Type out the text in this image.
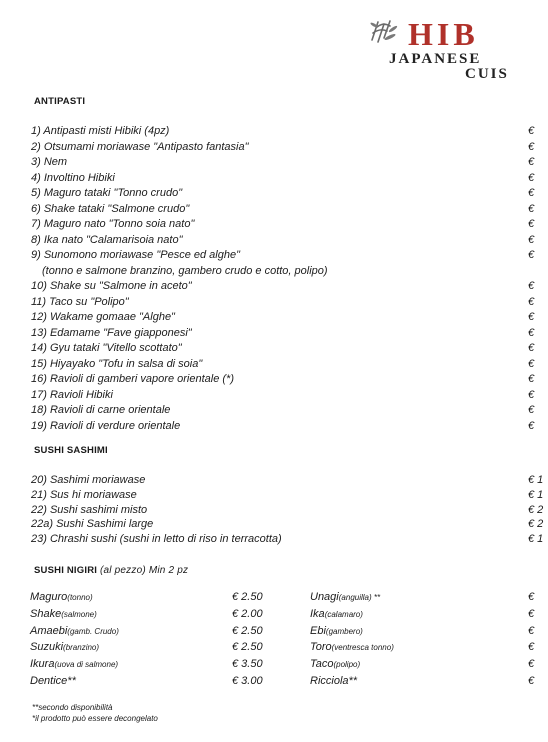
HIB
JAPANESE
CUIS
ANTIPASTI
1) Antipasti misti Hibiki (4pz)	€
2) Otsumami moriawase "Antipasto fantasia"	€
3) Nem	€
4) Involtino Hibiki	€
5) Maguro tataki "Tonno crudo"	€
6) Shake tataki "Salmone crudo"	€
7) Maguro nato "Tonno soia nato"	€
8) Ika nato "Calamarisoia nato"	€
9) Sunomono moriawase "Pesce ed alghe"	€
(tonno e salmone branzino, gambero crudo e cotto, polipo)
10) Shake su "Salmone in aceto"	€
11) Taco su "Polipo"	€
12) Wakame gomaae "Alghe"	€
13) Edamame "Fave giapponesi"	€
14) Gyu tataki "Vitello scottato"	€
15) Hiyayako "Tofu in salsa di soia"	€
16) Ravioli di gamberi vapore orientale (*)	€
17) Ravioli Hibiki	€
18) Ravioli di carne orientale	€
19) Ravioli di verdure orientale	€
SUSHI SASHIMI
20) Sashimi moriawase	€ 1
21) Sus hi moriawase	€ 1
22) Sushi sashimi misto	€ 2
22a) Sushi Sashimi large	€ 2
23) Chrashi sushi (sushi in letto di riso in terracotta)	€ 1
SUSHI NIGIRI (al pezzo) Min 2 pz
Maguro(tonno)	€ 2.50	Unagi(anguilla) **	€
Shake(salmone)	€ 2.00	Ika(calamaro)	€
Amaebi(gamb. Crudo)	€ 2.50	Ebi(gambero)	€
Suzuki(branzino)	€ 2.50	Toro(ventresca tonno)	€
Ikura(uova di salmone)	€ 3.50	Taco(polipo)	€
Dentice**	€ 3.00	Ricciola**	€
**secondo disponibilità
*il prodotto può essere decongelato
